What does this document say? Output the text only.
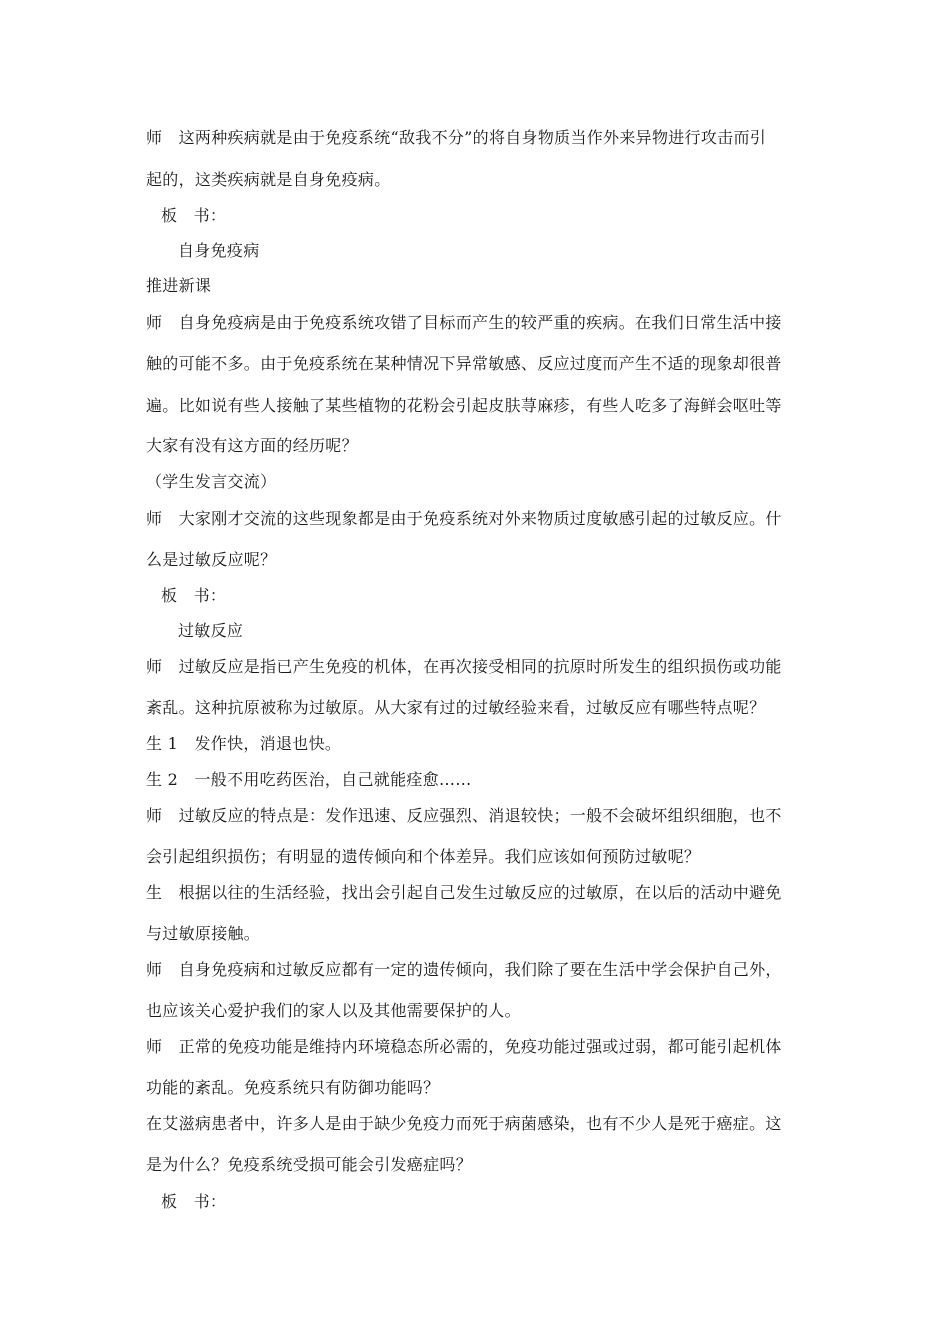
师　这两种疾病就是由于免疫系统“敌我不分”的将自身物质当作外来异物进行攻击而引
起的，这类疾病就是自身免疫病。
板　书：
自身免疫病
推进新课
师　自身免疫病是由于免疫系统攻错了目标而产生的较严重的疾病。在我们日常生活中接
触的可能不多。由于免疫系统在某种情况下异常敏感、反应过度而产生不适的现象却很普
遍。比如说有些人接触了某些植物的花粉会引起皮肤荨麻疹，有些人吃多了海鲜会呕吐等
大家有没有这方面的经历呢？
（学生发言交流）
师　大家刚才交流的这些现象都是由于免疫系统对外来物质过度敏感引起的过敏反应。什
么是过敏反应呢？
板　书：
过敏反应
师　过敏反应是指已产生免疫的机体，在再次接受相同的抗原时所发生的组织损伤或功能
紊乱。这种抗原被称为过敏原。从大家有过的过敏经验来看，过敏反应有哪些特点呢？
生 1　发作快，消退也快。
生 2　一般不用吃药医治，自己就能痊愈……
师　过敏反应的特点是：发作迅速、反应强烈、消退较快；一般不会破坏组织细胞，也不
会引起组织损伤；有明显的遗传倾向和个体差异。我们应该如何预防过敏呢？
生　根据以往的生活经验，找出会引起自己发生过敏反应的过敏原，在以后的活动中避免
与过敏原接触。
师　自身免疫病和过敏反应都有一定的遗传倾向，我们除了要在生活中学会保护自己外，
也应该关心爱护我们的家人以及其他需要保护的人。
师　正常的免疫功能是维持内环境稳态所必需的，免疫功能过强或过弱，都可能引起机体
功能的紊乱。免疫系统只有防御功能吗？
在艾滋病患者中，许多人是由于缺少免疫力而死于病菌感染，也有不少人是死于癌症。这
是为什么？免疫系统受损可能会引发癌症吗？
板　书：
